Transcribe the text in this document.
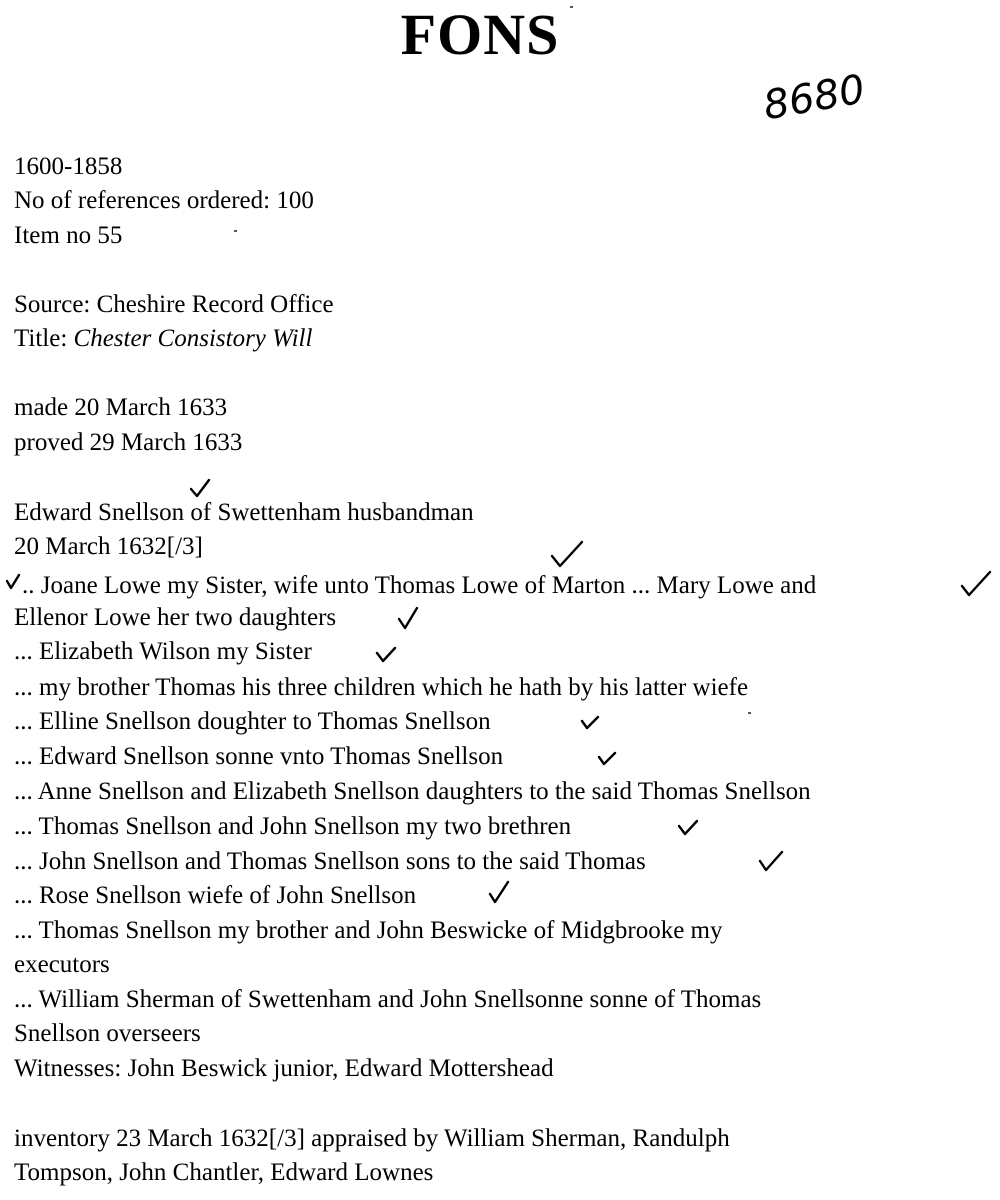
FONS
8680
1600-1858
No of references ordered: 100
Item no 55
Source: Cheshire Record Office
Title: Chester Consistory Will
made 20 March 1633
proved 29 March 1633
Edward Snellson of Swettenham husbandman
20 March 1632[/3]
.. Joane Lowe my Sister, wife unto Thomas Lowe of Marton ... Mary Lowe and
Ellenor Lowe her two daughters
... Elizabeth Wilson my Sister
... my brother Thomas his three children which he hath by his latter wiefe
... Elline Snellson doughter to Thomas Snellson
... Edward Snellson sonne vnto Thomas Snellson
... Anne Snellson and Elizabeth Snellson daughters to the said Thomas Snellson
... Thomas Snellson and John Snellson my two brethren
... John Snellson and Thomas Snellson sons to the said Thomas
... Rose Snellson wiefe of John Snellson
... Thomas Snellson my brother and John Beswicke of Midgbrooke my
executors
... William Sherman of Swettenham and John Snellsonne sonne of Thomas
Snellson overseers
Witnesses: John Beswick junior, Edward Mottershead
inventory 23 March 1632[/3] appraised by William Sherman, Randulph
Tompson, John Chantler, Edward Lownes
